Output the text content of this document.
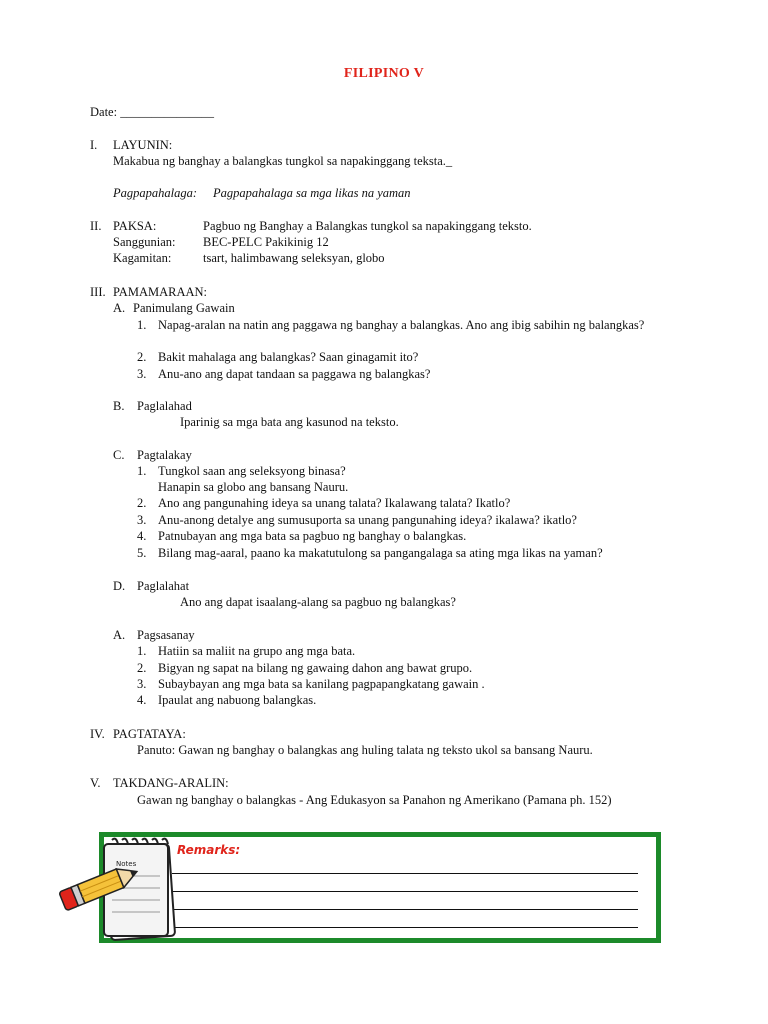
FILIPINO V
Date: _______________
I. LAYUNIN:
Makabua ng banghay a balangkas tungkol sa napakinggang teksta._
Pagpapahalaga: Pagpapahalaga sa mga likas na yaman
II. PAKSA:	Pagbuo ng Banghay a Balangkas tungkol sa napakinggang teksto.
Sanggunian: BEC-PELC Pakikinig 12
Kagamitan:	tsart, halimbawang seleksyan, globo
III. PAMAMARAAN:
A. Panimulang Gawain
1. Napag-aralan na natin ang paggawa ng banghay a balangkas. Ano ang ibig sabihin ng balangkas?
2. Bakit mahalaga ang balangkas? Saan ginagamit ito?
3. Anu-ano ang dapat tandaan sa paggawa ng balangkas?
B. Paglalahad
Iparinig sa mga bata ang kasunod na teksto.
C. Pagtalakay
1. Tungkol saan ang seleksyong binasa?
Hanapin sa globo ang bansang Nauru.
2. Ano ang pangunahing ideya sa unang talata? Ikalawang talata? Ikatlo?
3. Anu-anong detalye ang sumusuporta sa unang pangunahing ideya? ikalawa? ikatlo?
4. Patnubayan ang mga bata sa pagbuo ng banghay o balangkas.
5. Bilang mag-aaral, paano ka makatutulong sa pangangalaga sa ating mga likas na yaman?
D. Paglalahat
Ano ang dapat isaalang-alang sa pagbuo ng balangkas?
A. Pagsasanay
1. Hatiin sa maliit na grupo ang mga bata.
2. Bigyan ng sapat na bilang ng gawaing dahon ang bawat grupo.
3. Subaybayan ang mga bata sa kanilang pagpapangkatang gawain .
4. Ipaulat ang nabuong balangkas.
IV. PAGTATAYA:
Panuto: Gawan ng banghay o balangkas ang huling talata ng teksto ukol sa bansang Nauru.
V. TAKDANG-ARALIN:
Gawan ng banghay o balangkas - Ang Edukasyon sa Panahon ng Amerikano (Pamana ph. 152)
Remarks:
Notes
